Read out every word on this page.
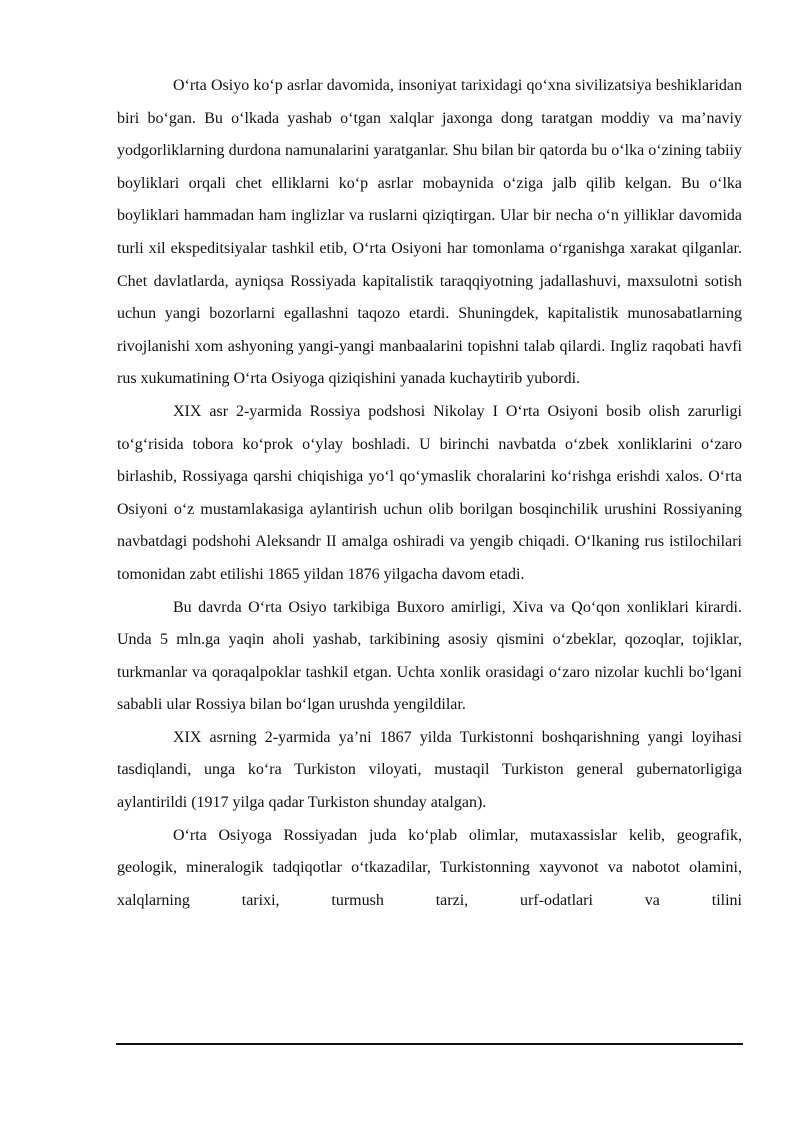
O‘rta Osiyo ko‘p asrlar davomida, insoniyat tarixidagi qo‘xna sivilizatsiya beshiklaridan biri bo‘gan. Bu o‘lkada yashab o‘tgan xalqlar jaxonga dong taratgan moddiy va ma’naviy yodgorliklarning durdona namunalarini yaratganlar. Shu bilan bir qatorda bu o‘lka o‘zining tabiiy boyliklari orqali chet elliklarni ko‘p asrlar mobaynida o‘ziga jalb qilib kelgan. Bu o‘lka boyliklari hammadan ham inglizlar va ruslarni qiziqtirgan. Ular bir necha o‘n yilliklar davomida turli xil ekspeditsiyalar tashkil etib, O‘rta Osiyoni har tomonlama o‘rganishga xarakat qilganlar. Chet davlatlarda, ayniqsa Rossiyada kapitalistik taraqqiyotning jadallashuvi, maxsulotni sotish uchun yangi bozorlarni egallashni taqozo etardi. Shuningdek, kapitalistik munosabatlarning rivojlanishi xom ashyoning yangi-yangi manbaalarini topishni talab qilardi. Ingliz raqobati havfi rus xukumatining O‘rta Osiyoga qiziqishini yanada kuchaytirib yubordi.

XIX asr 2-yarmida Rossiya podshosi Nikolay I O‘rta Osiyoni bosib olish zarurligi to‘g‘risida tobora ko‘prok o‘ylay boshladi. U birinchi navbatda o‘zbek xonliklarini o‘zaro birlashib, Rossiyaga qarshi chiqishiga yo‘l qo‘ymaslik choralarini ko‘rishga erishdi xalos. O‘rta Osiyoni o‘z mustamlakasiga aylantirish uchun olib borilgan bosqinchilik urushini Rossiyaning navbatdagi podshohi Aleksandr II amalga oshiradi va yengib chiqadi. O‘lkaning rus istilochilari tomonidan zabt etilishi 1865 yildan 1876 yilgacha davom etadi.

Bu davrda O‘rta Osiyo tarkibiga Buxoro amirligi, Xiva va Qo‘qon xonliklari kirardi. Unda 5 mln.ga yaqin aholi yashab, tarkibining asosiy qismini o‘zbeklar, qozoqlar, tojiklar, turkmanlar va qoraqalpoklar tashkil etgan. Uchta xonlik orasidagi o‘zaro nizolar kuchli bo‘lgani sababli ular Rossiya bilan bo‘lgan urushda yengildilar.

XIX asrning 2-yarmida ya’ni 1867 yilda Turkistonni boshqarishning yangi loyihasi tasdiqlandi, unga ko‘ra Turkiston viloyati, mustaqil Turkiston general gubernatorligiga aylantirildi (1917 yilga qadar Turkiston shunday atalgan).

O‘rta Osiyoga Rossiyadan juda ko‘plab olimlar, mutaxassislar kelib, geografik, geologik, mineralogik tadqiqotlar o‘tkazadilar, Turkistonning xayvonot va nabotot olamini, xalqlarning tarixi, turmush tarzi, urf-odatlari va tilini
